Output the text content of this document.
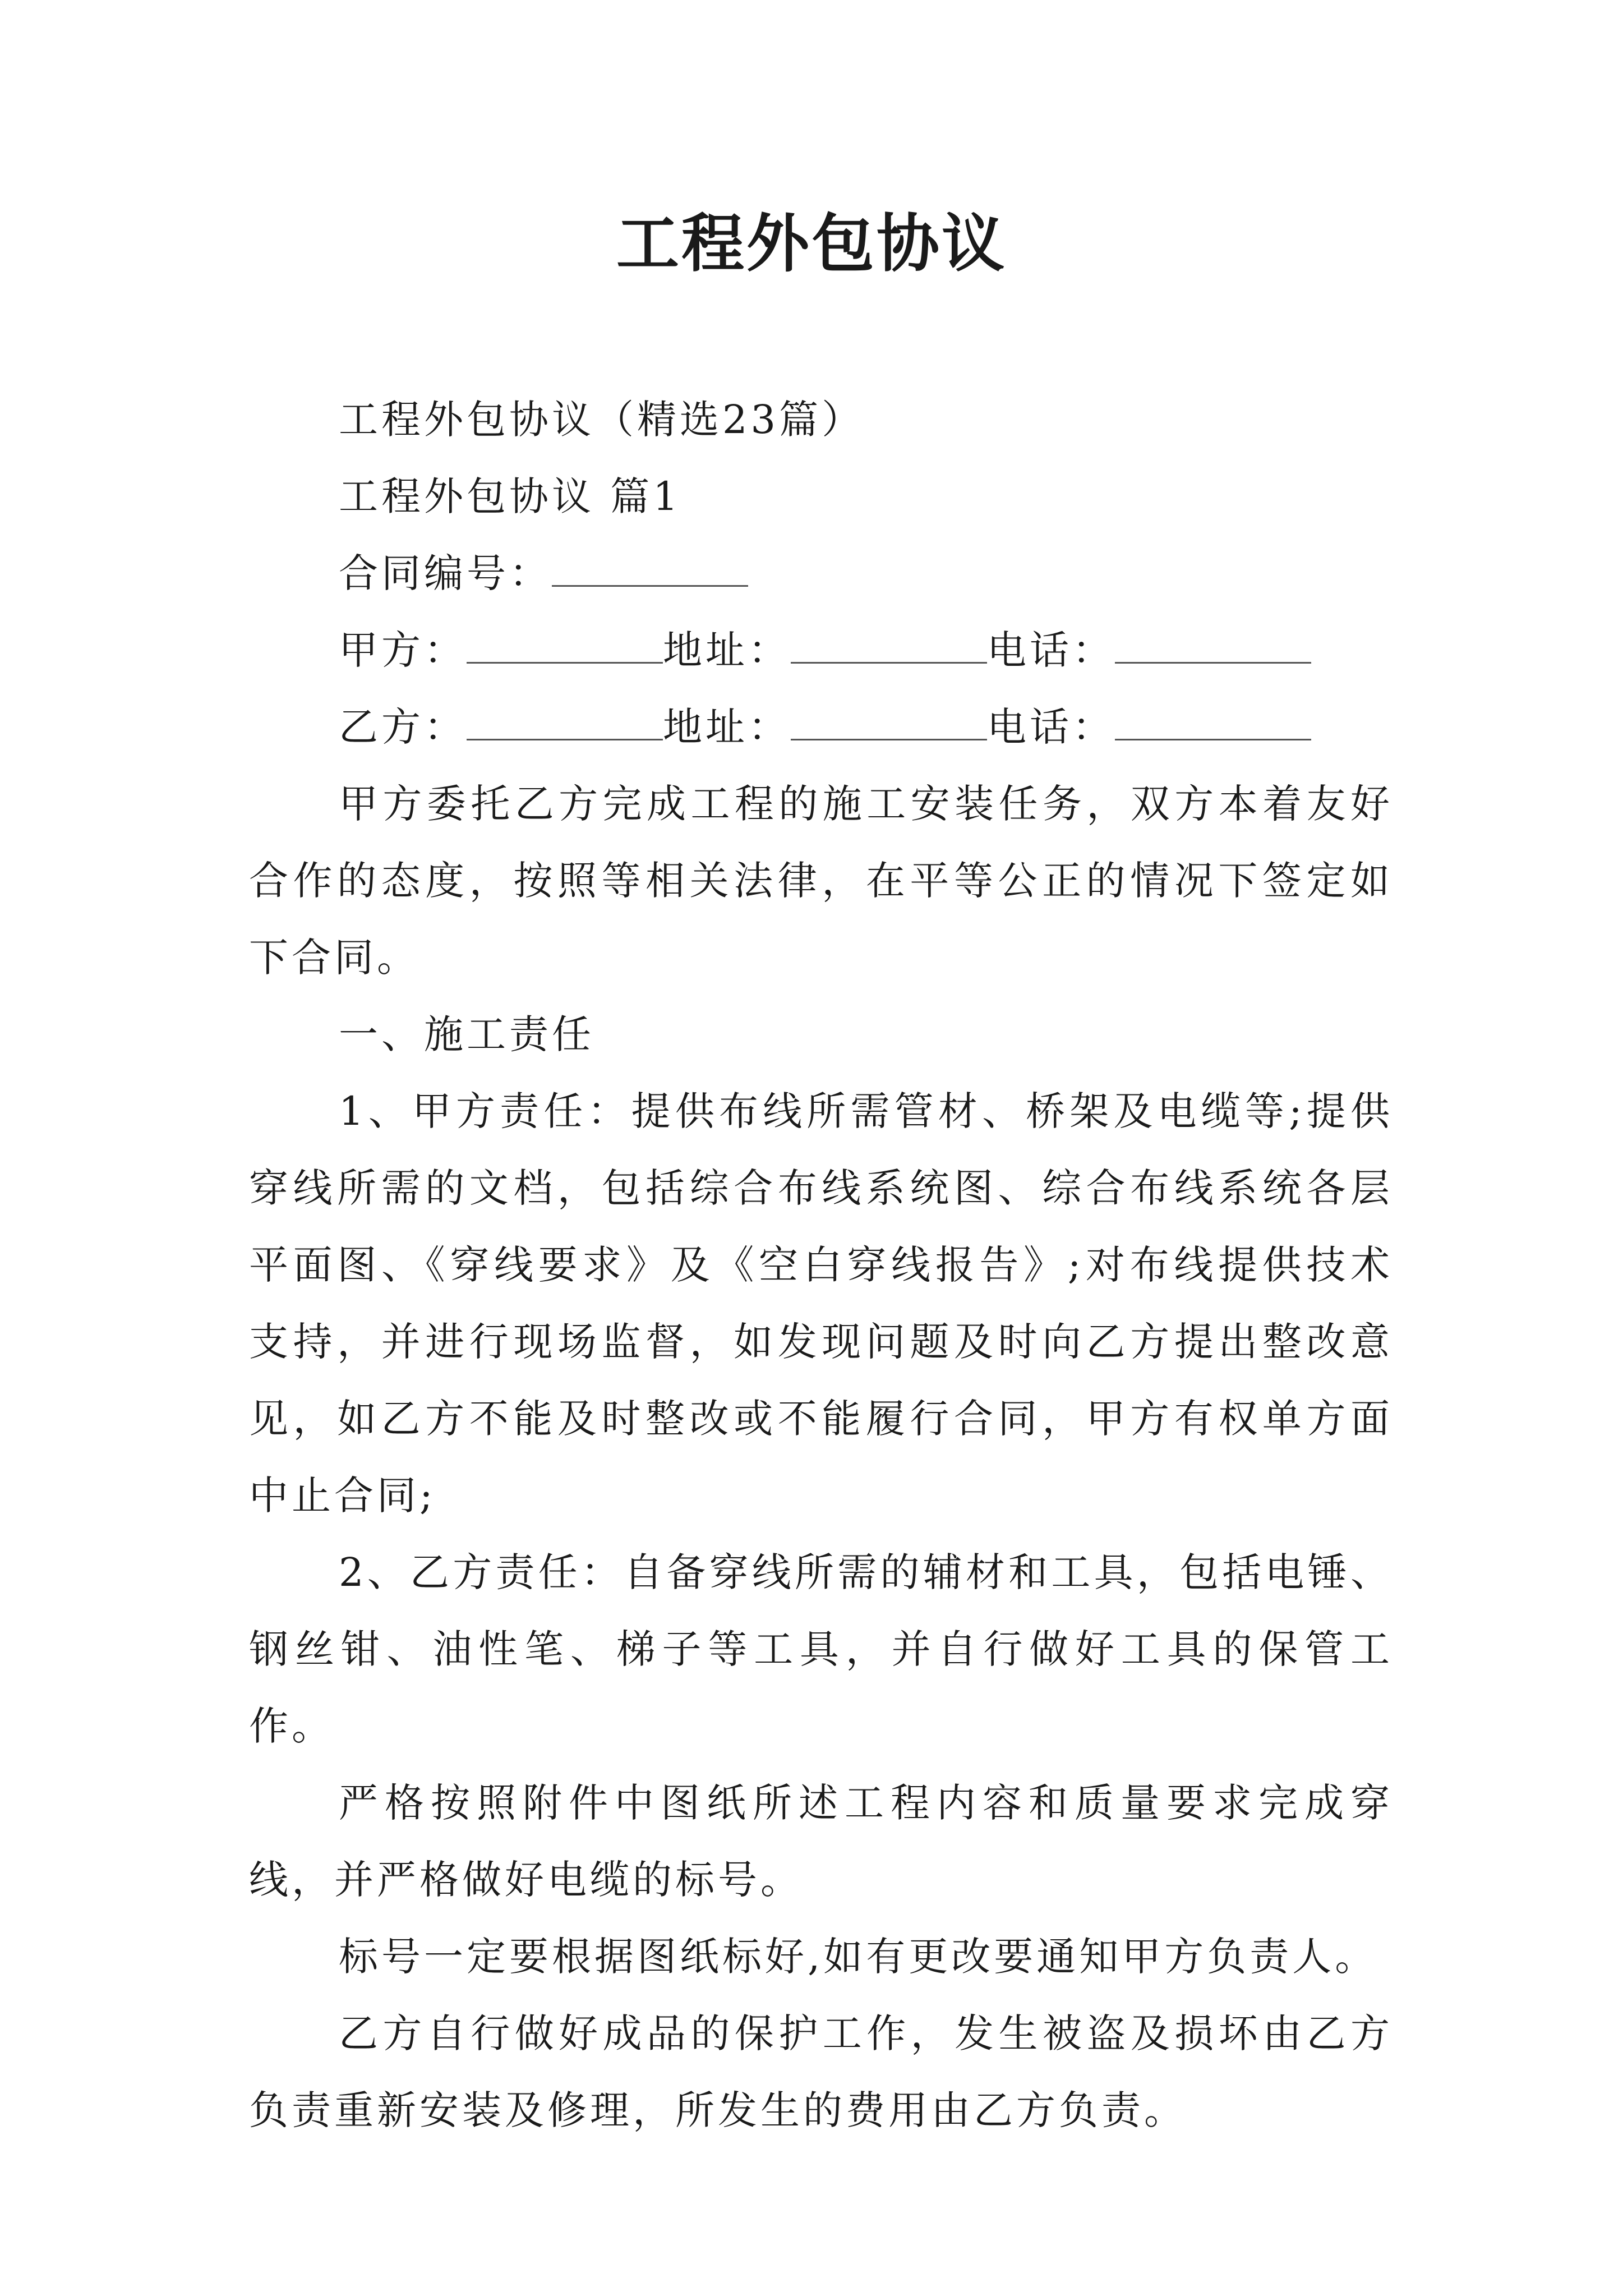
工程外包协议

工程外包协议（精选23篇）

工程外包协议 篇1

合同编号：

甲方：	地址：	电话：

乙方：	地址：	电话：

甲方委托乙方完成工程的施工安装任务，双方本着友好合作的态度，按照等相关法律，在平等公正的情况下签定如下合同。

一、施工责任

1、甲方责任：提供布线所需管材、桥架及电缆等;提供穿线所需的文档，包括综合布线系统图、综合布线系统各层平面图、《穿线要求》及《空白穿线报告》;对布线提供技术支持，并进行现场监督，如发现问题及时向乙方提出整改意见，如乙方不能及时整改或不能履行合同，甲方有权单方面中止合同;

2、乙方责任：自备穿线所需的辅材和工具，包括电锤、钢丝钳、油性笔、梯子等工具，并自行做好工具的保管工作。

严格按照附件中图纸所述工程内容和质量要求完成穿线，并严格做好电缆的标号。

标号一定要根据图纸标好,如有更改要通知甲方负责人。

乙方自行做好成品的保护工作，发生被盗及损坏由乙方负责重新安装及修理，所发生的费用由乙方负责。
